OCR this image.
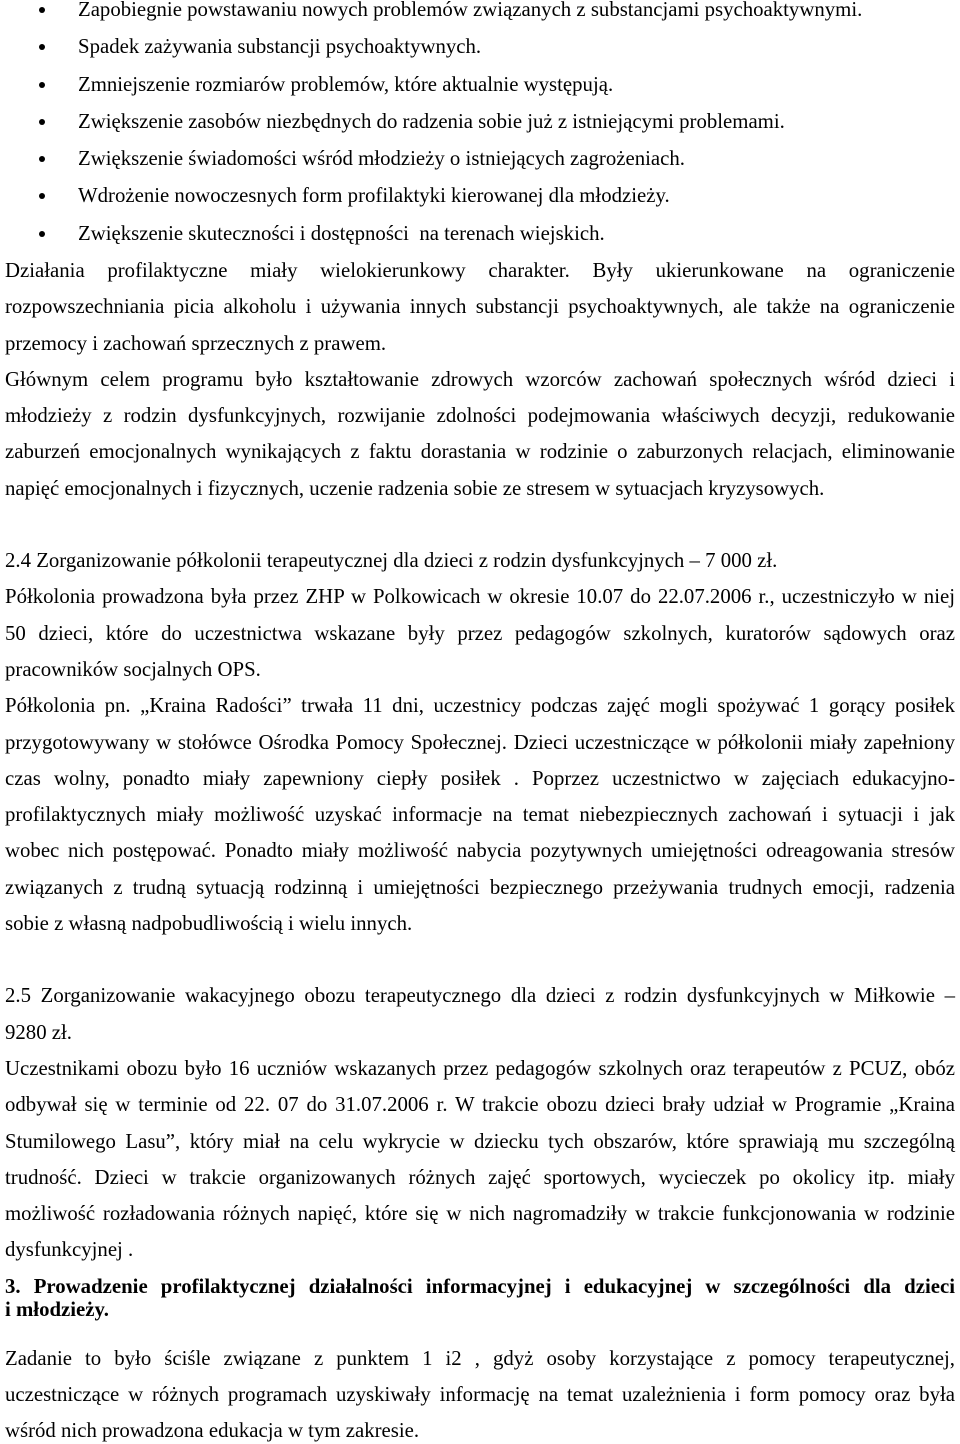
Zapobiegnie powstawaniu nowych problemów związanych z substancjami psychoaktywnymi.
Spadek zażywania substancji psychoaktywnych.
Zmniejszenie rozmiarów problemów, które aktualnie występują.
Zwiększenie zasobów niezbędnych do radzenia sobie już z istniejącymi problemami.
Zwiększenie świadomości wśród młodzieży o istniejących zagrożeniach.
Wdrożenie nowoczesnych form profilaktyki kierowanej dla młodzieży.
Zwiększenie skuteczności i dostępności  na terenach wiejskich.
Działania profilaktyczne miały wielokierunkowy charakter. Były ukierunkowane na ograniczenie
rozpowszechniania picia alkoholu i używania innych substancji psychoaktywnych, ale także na ograniczenie
przemocy i zachowań sprzecznych z prawem.
Głównym celem programu było kształtowanie zdrowych wzorców zachowań społecznych wśród dzieci i
młodzieży z rodzin dysfunkcyjnych, rozwijanie zdolności podejmowania właściwych decyzji, redukowanie
zaburzeń emocjonalnych wynikających z faktu dorastania w rodzinie o zaburzonych relacjach, eliminowanie
napięć emocjonalnych i fizycznych, uczenie radzenia sobie ze stresem w sytuacjach kryzysowych.
2.4 Zorganizowanie półkolonii terapeutycznej dla dzieci z rodzin dysfunkcyjnych – 7 000 zł.
Półkolonia prowadzona była przez ZHP w Polkowicach w okresie 10.07 do 22.07.2006 r., uczestniczyło w niej
50 dzieci, które do uczestnictwa wskazane były przez pedagogów szkolnych, kuratorów sądowych oraz
pracowników socjalnych OPS.
Półkolonia pn. „Kraina Radości” trwała 11 dni, uczestnicy podczas zajęć mogli spożywać 1 gorący posiłek
przygotowywany w stołówce Ośrodka Pomocy Społecznej. Dzieci uczestniczące w półkolonii miały zapełniony
czas wolny, ponadto miały zapewniony ciepły posiłek . Poprzez uczestnictwo w zajęciach edukacyjno-
profilaktycznych miały możliwość uzyskać informacje na temat niebezpiecznych zachowań i sytuacji i jak
wobec nich postępować. Ponadto miały możliwość nabycia pozytywnych umiejętności odreagowania stresów
związanych z trudną sytuacją rodzinną i umiejętności bezpiecznego przeżywania trudnych emocji, radzenia
sobie z własną nadpobudliwością i wielu innych.
2.5 Zorganizowanie wakacyjnego obozu terapeutycznego dla dzieci z rodzin dysfunkcyjnych w Miłkowie –
9280 zł.
Uczestnikami obozu było 16 uczniów wskazanych przez pedagogów szkolnych oraz terapeutów z PCUZ, obóz
odbywał się w terminie od 22. 07 do 31.07.2006 r. W trakcie obozu dzieci brały udział w Programie „Kraina
Stumilowego Lasu”, który miał na celu wykrycie w dziecku tych obszarów, które sprawiają mu szczególną
trudność. Dzieci w trakcie organizowanych różnych zajęć sportowych, wycieczek po okolicy itp. miały
możliwość rozładowania różnych napięć, które się w nich nagromadziły w trakcie funkcjonowania w rodzinie
dysfunkcyjnej .
3. Prowadzenie profilaktycznej działalności informacyjnej i edukacyjnej w szczególności dla dzieci
i młodzieży.
Zadanie to było ściśle związane z punktem 1 i2 , gdyż osoby korzystające z pomocy terapeutycznej,
uczestniczące w różnych programach uzyskiwały informację na temat uzależnienia i form pomocy oraz była
wśród nich prowadzona edukacja w tym zakresie.
